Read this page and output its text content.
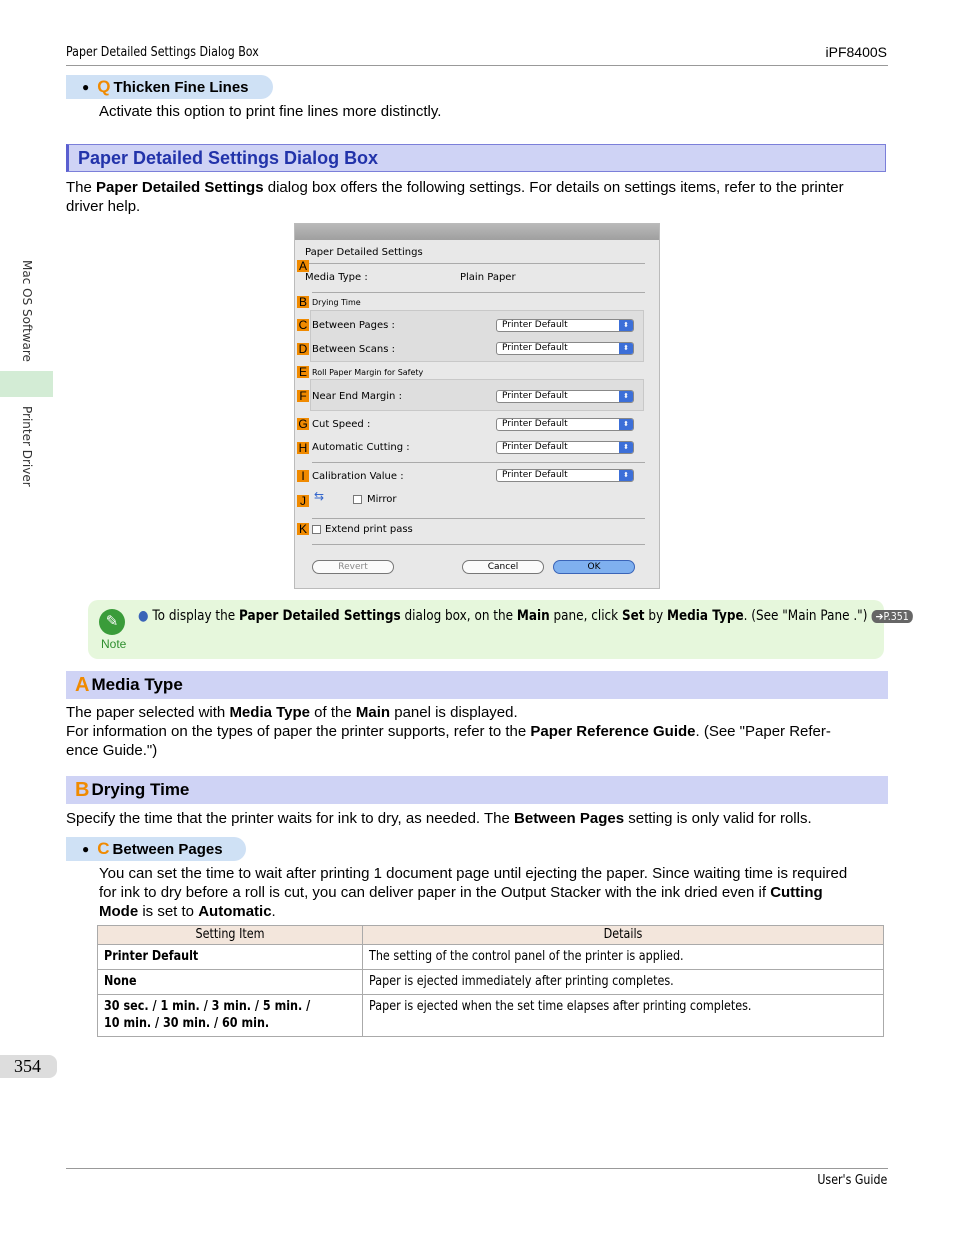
Paper Detailed Settings Dialog Box	iPF8400S
Mac OS Software
Printer Driver
● Q Thicken Fine Lines
Activate this option to print fine lines more distinctly.
Paper Detailed Settings Dialog Box
The Paper Detailed Settings dialog box offers the following settings. For details on settings items, refer to the printer
driver help.
Paper Detailed Settings
A
Media Type :	Plain Paper
B Drying Time
C Between Pages :	Printer Default	⬍
D Between Scans :	Printer Default	⬍
E Roll Paper Margin for Safety
F Near End Margin :	Printer Default	⬍
G Cut Speed :	Printer Default	⬍
H Automatic Cutting :	Printer Default	⬍
I Calibration Value :	Printer Default	⬍
J ⇆	Mirror
K Extend print pass
Revert	Cancel	OK
✎
Note
● To display the Paper Detailed Settings dialog box, on the Main pane, click Set by Media Type. (See "Main Pane .") ➔P.351
A Media Type
The paper selected with Media Type of the Main panel is displayed.
For information on the types of paper the printer supports, refer to the Paper Reference Guide. (See "Paper Refer-
ence Guide.")
B Drying Time
Specify the time that the printer waits for ink to dry, as needed. The Between Pages setting is only valid for rolls.
● C Between Pages
You can set the time to wait after printing 1 document page until ejecting the paper. Since waiting time is required
for ink to dry before a roll is cut, you can deliver paper in the Output Stacker with the ink dried even if Cutting
Mode is set to Automatic.
Setting Item	Details

Printer Default	The setting of the control panel of the printer is applied.

None	Paper is ejected immediately after printing completes.

30 sec. / 1 min. / 3 min. / 5 min. / 10 min. / 30 min. / 60 min.	Paper is ejected when the set time elapses after printing completes.
354
User's Guide
